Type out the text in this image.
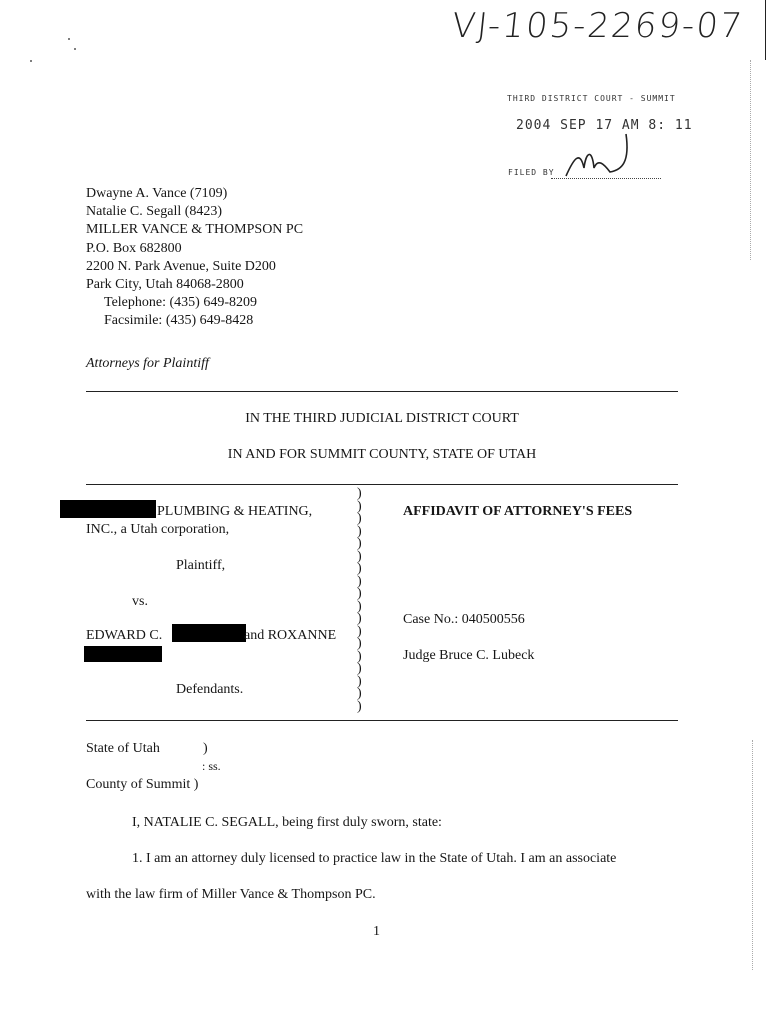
VJ-105-2269-07
THIRD DISTRICT COURT - SUMMIT
2004 SEP 17 AM 8: 11
FILED BY
Dwayne A. Vance (7109)
Natalie C. Segall (8423)
MILLER VANCE & THOMPSON PC
P.O. Box 682800
2200 N. Park Avenue, Suite D200
Park City, Utah 84068-2800
Telephone: (435) 649-8209
Facsimile: (435) 649-8428
Attorneys for Plaintiff
IN THE THIRD JUDICIAL DISTRICT COURT
IN AND FOR SUMMIT COUNTY, STATE OF UTAH
PLUMBING & HEATING,
INC., a Utah corporation,
Plaintiff,
vs.
EDWARD C.	and ROXANNE
Defendants.
)
)
)
)
)
)
)
)
)
)
)
)
)
)
)
)
)
)
AFFIDAVIT OF ATTORNEY'S FEES
Case No.: 040500556
Judge Bruce C. Lubeck
State of Utah	)
: ss.
County of Summit )
I, NATALIE C. SEGALL, being first duly sworn, state:
1. I am an attorney duly licensed to practice law in the State of Utah. I am an associate
with the law firm of Miller Vance & Thompson PC.
1
